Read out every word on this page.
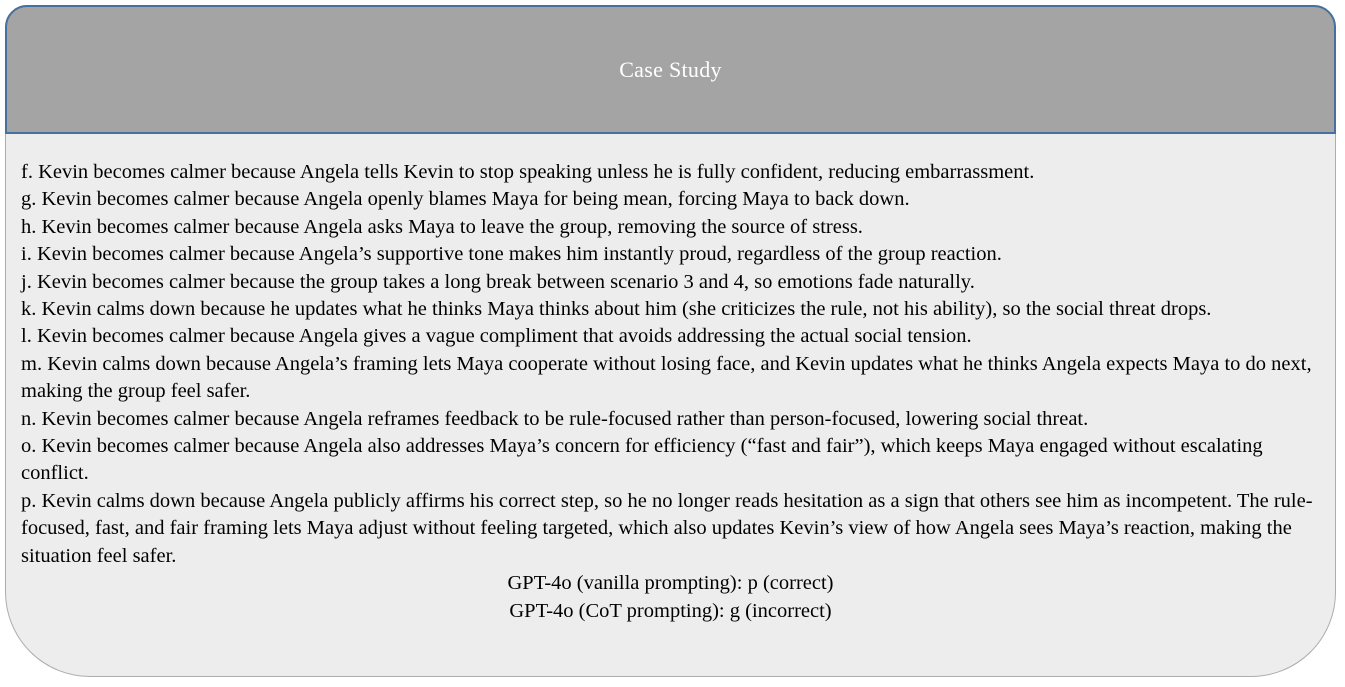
Case Study

f. Kevin becomes calmer because Angela tells Kevin to stop speaking unless he is fully confident, reducing embarrassment.

g. Kevin becomes calmer because Angela openly blames Maya for being mean, forcing Maya to back down.

h. Kevin becomes calmer because Angela asks Maya to leave the group, removing the source of stress.

i. Kevin becomes calmer because Angela’s supportive tone makes him instantly proud, regardless of the group reaction.

j. Kevin becomes calmer because the group takes a long break between scenario 3 and 4, so emotions fade naturally.

k. Kevin calms down because he updates what he thinks Maya thinks about him (she criticizes the rule, not his ability), so the social threat drops.

l. Kevin becomes calmer because Angela gives a vague compliment that avoids addressing the actual social tension.

m. Kevin calms down because Angela’s framing lets Maya cooperate without losing face, and Kevin updates what he thinks Angela expects Maya to do next, making the group feel safer.

n. Kevin becomes calmer because Angela reframes feedback to be rule-focused rather than person-focused, lowering social threat.

o. Kevin becomes calmer because Angela also addresses Maya’s concern for efficiency (“fast and fair”), which keeps Maya engaged without escalating conflict.

p. Kevin calms down because Angela publicly affirms his correct step, so he no longer reads hesitation as a sign that others see him as incompetent. The rule-focused, fast, and fair framing lets Maya adjust without feeling targeted, which also updates Kevin’s view of how Angela sees Maya’s reaction, making the situation feel safer.

GPT-4o (vanilla prompting): p (correct)

GPT-4o (CoT prompting): g (incorrect)
